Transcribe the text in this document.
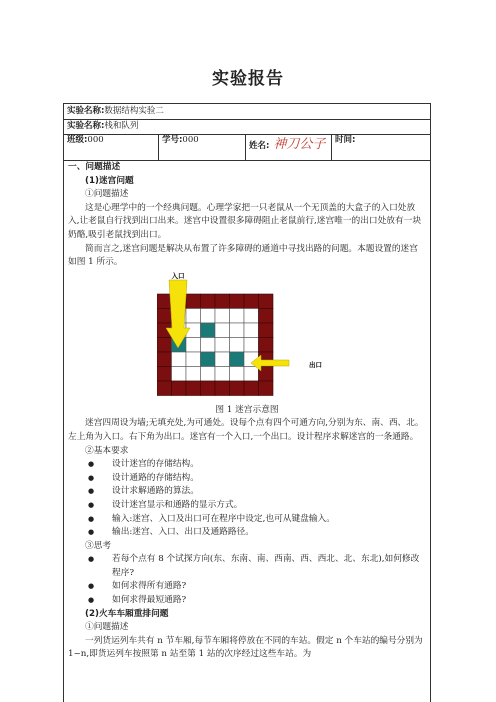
实验报告
实验名称:数据结构实验二
实验名称:栈和队列
班级:000	学号:000
姓名: 神刀公子	时间:

一、问题描述

(1)迷宫问题

①问题描述

这是心理学中的一个经典问题。心理学家把一只老鼠从一个无顶盖的大盒子的入口处放入,让老鼠自行找到出口出来。迷宫中设置很多障碍阻止老鼠前行,迷宫唯一的出口处放有一块奶酪,吸引老鼠找到出口。

简而言之,迷宫问题是解决从布置了许多障碍的通道中寻找出路的问题。本题设置的迷宫如图 1 所示。

入口
出口

图 1 迷宫示意图

迷宫四周设为墙;无填充处,为可通处。设每个点有四个可通方向,分别为东、南、西、北。左上角为入口。右下角为出口。迷宫有一个入口,一个出口。设计程序求解迷宫的一条通路。

②基本要求

● 设计迷宫的存储结构。

● 设计通路的存储结构。

● 设计求解通路的算法。

● 设计迷宫显示和通路的显示方式。

● 输入:迷宫、入口及出口可在程序中设定,也可从键盘输入。

● 输出:迷宫、入口、出口及通路路径。

③思考

● 若每个点有 8 个试探方向(东、东南、南、西南、西、西北、北、东北),如何修改程序?

● 如何求得所有通路?

● 如何求得最短通路?

(2)火车车厢重排问题

①问题描述

一列货运列车共有 n 节车厢,每节车厢将停放在不同的车站。假定 n 个车站的编号分别为 1~n,即货运列车按照第 n 站至第 1 站的次序经过这些车站。为
